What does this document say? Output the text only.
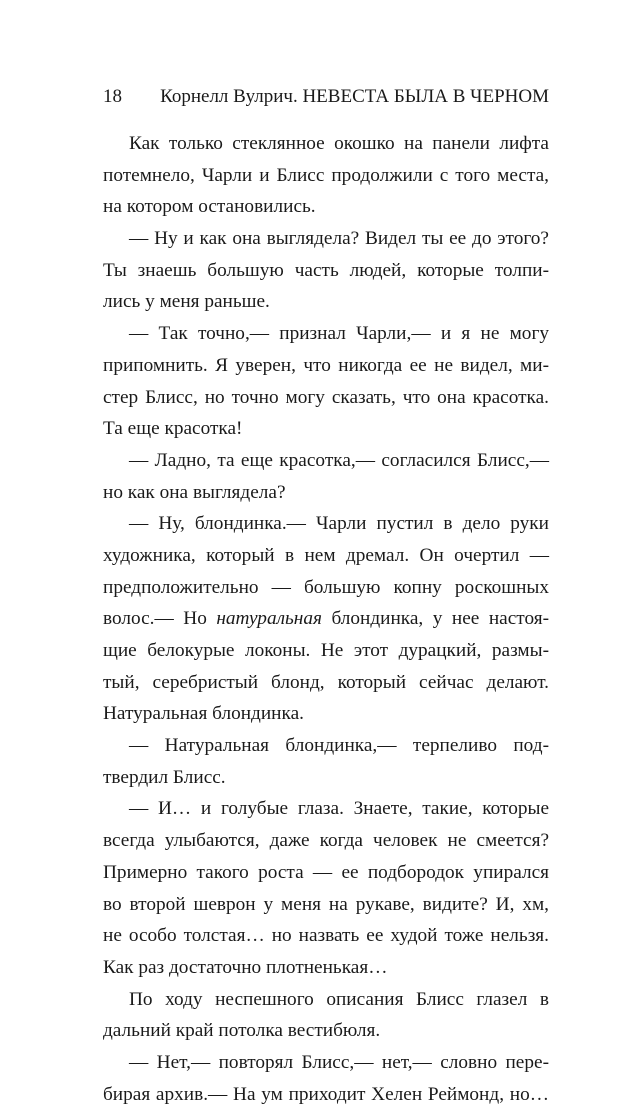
18 Корнелл Вулрич. НЕВЕСТА БЫЛА В ЧЕРНОМ
Как только стеклянное окошко на панели лифта
потемнело, Чарли и Блисс продолжили с того места,
на котором остановились.
— Ну и как она выглядела? Видел ты ее до этого?
Ты знаешь большую часть людей, которые толпи-
лись у меня раньше.
— Так точно,— признал Чарли,— и я не могу
припомнить. Я уверен, что никогда ее не видел, ми-
стер Блисс, но точно могу сказать, что она красотка.
Та еще красотка!
— Ладно, та еще красотка,— согласился Блисс,—
но как она выглядела?
— Ну, блондинка.— Чарли пустил в дело руки
художника, который в нем дремал. Он очертил —
предположительно — большую копну роскошных
волос.— Но натуральная блондинка, у нее настоя-
щие белокурые локоны. Не этот дурацкий, размы-
тый, серебристый блонд, который сейчас делают.
Натуральная блондинка.
— Натуральная блондинка,— терпеливо под-
твердил Блисс.
— И… и голубые глаза. Знаете, такие, которые
всегда улыбаются, даже когда человек не смеется?
Примерно такого роста — ее подбородок упирался
во второй шеврон у меня на рукаве, видите? И, хм,
не особо толстая… но назвать ее худой тоже нельзя.
Как раз достаточно плотненькая…
По ходу неспешного описания Блисс глазел в
дальний край потолка вестибюля.
— Нет,— повторял Блисс,— нет,— словно пере-
бирая архив.— На ум приходит Хелен Реймонд, но…
